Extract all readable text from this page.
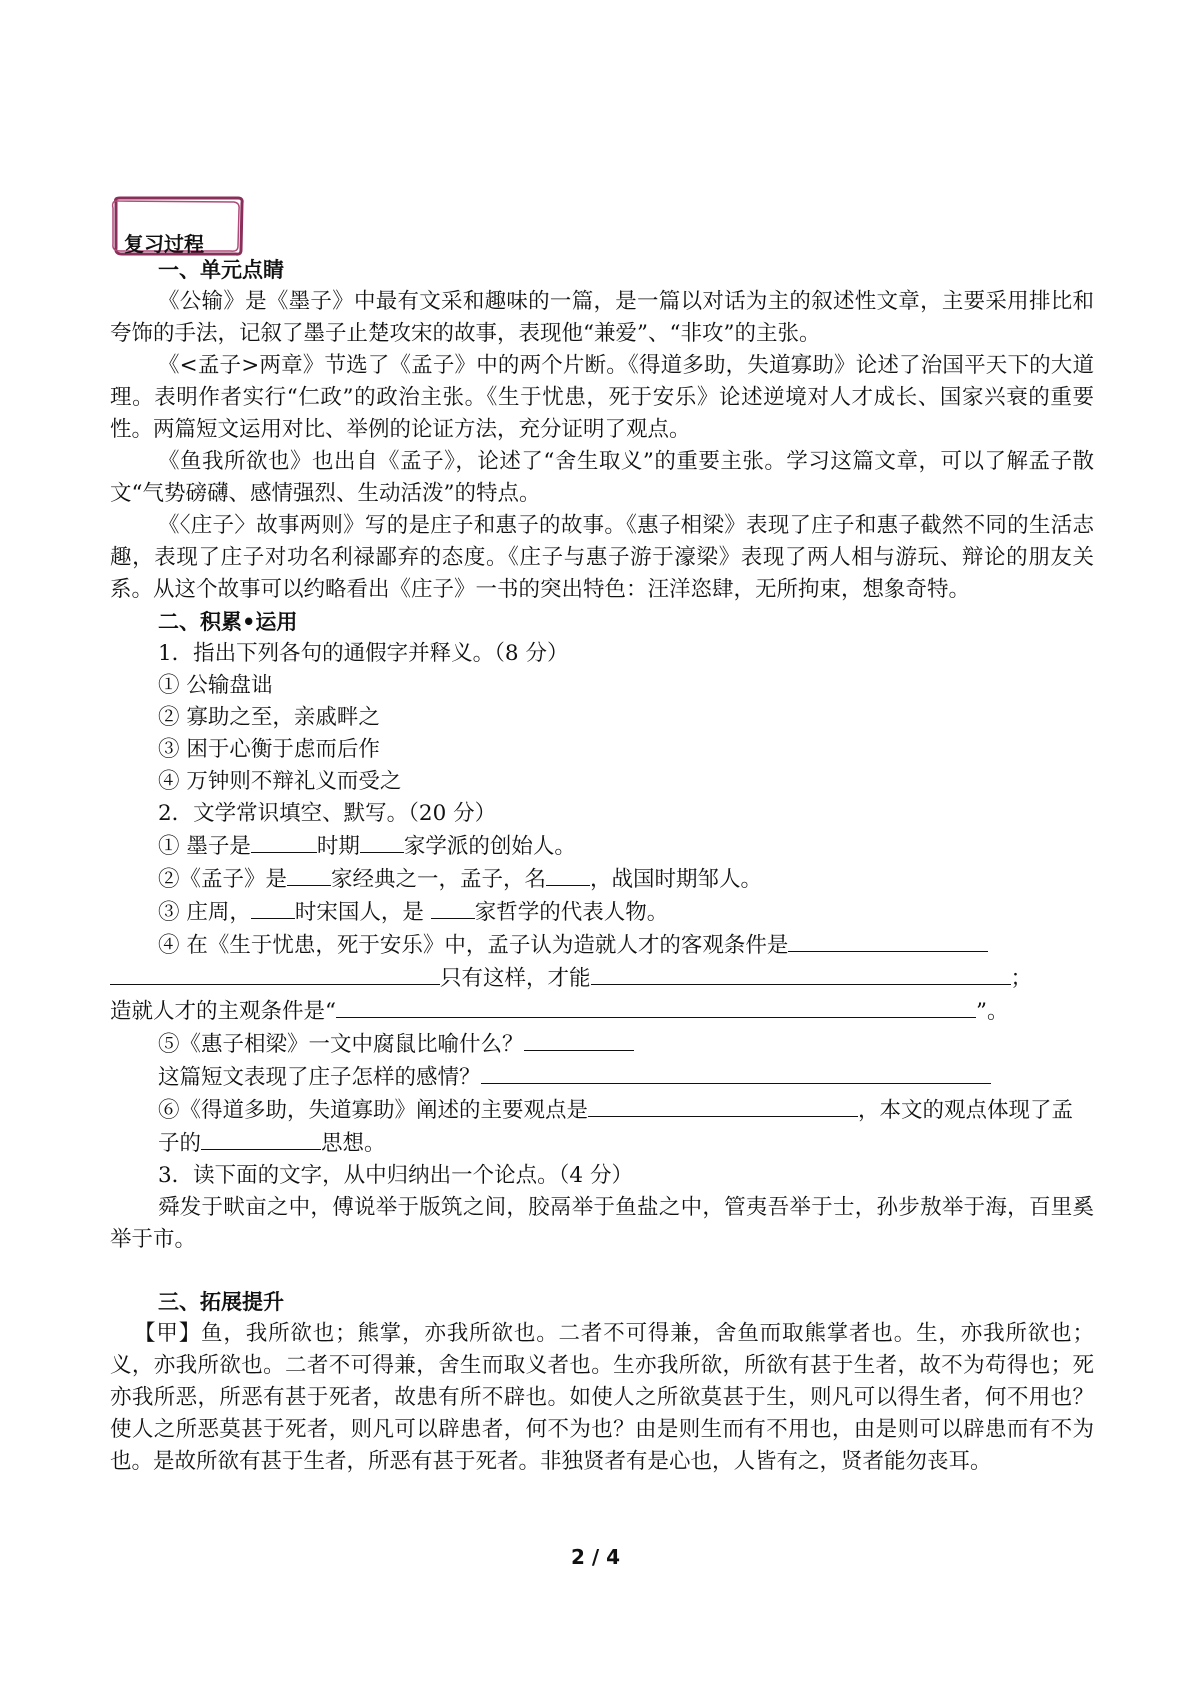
复习过程
一、单元点睛
《公输》是《墨子》中最有文采和趣味的一篇，是一篇以对话为主的叙述性文章，主要采用排比和夸饰的手法，记叙了墨子止楚攻宋的故事，表现他“兼爱”、“非攻”的主张。
《<孟子>两章》节选了《孟子》中的两个片断。《得道多助，失道寡助》论述了治国平天下的大道理。表明作者实行“仁政”的政治主张。《生于忧患，死于安乐》论述逆境对人才成长、国家兴衰的重要性。两篇短文运用对比、举例的论证方法，充分证明了观点。
《鱼我所欲也》也出自《孟子》，论述了“舍生取义”的重要主张。学习这篇文章，可以了解孟子散文“气势磅礴、感情强烈、生动活泼”的特点。
《〈庄子〉故事两则》写的是庄子和惠子的故事。《惠子相梁》表现了庄子和惠子截然不同的生活志趣，表现了庄子对功名利禄鄙弃的态度。《庄子与惠子游于濠梁》表现了两人相与游玩、辩论的朋友关系。从这个故事可以约略看出《庄子》一书的突出特色：汪洋恣肆，无所拘束，想象奇特。
二、积累•运用
1．指出下列各句的通假字并释义。（8 分）
① 公输盘诎
② 寡助之至，亲戚畔之
③ 困于心衡于虑而后作
④ 万钟则不辩礼义而受之
2．文学常识填空、默写。（20 分）
① 墨子是	时期 家学派的创始人。
②《孟子》是 家经典之一，孟子，名 ，战国时期邹人。
③ 庄周， 时宋国人，是 家哲学的代表人物。
④ 在《生于忧患，死于安乐》中，孟子认为造就人才的客观条件是
只有这样，才能	；
造就人才的主观条件是“	”。
⑤《惠子相梁》一文中腐鼠比喻什么？
这篇短文表现了庄子怎样的感情？
⑥《得道多助，失道寡助》阐述的主要观点是	，本文的观点体现了孟子的	思想。
3．读下面的文字，从中归纳出一个论点。（4 分）
舜发于畎亩之中，傅说举于版筑之间，胶鬲举于鱼盐之中，管夷吾举于士，孙步敖举于海，百里奚举于市。
三、拓展提升
【甲】鱼，我所欲也；熊掌，亦我所欲也。二者不可得兼，舍鱼而取熊掌者也。生，亦我所欲也；义，亦我所欲也。二者不可得兼，舍生而取义者也。生亦我所欲，所欲有甚于生者，故不为苟得也；死亦我所恶，所恶有甚于死者，故患有所不辟也。如使人之所欲莫甚于生，则凡可以得生者，何不用也？使人之所恶莫甚于死者，则凡可以辟患者，何不为也？由是则生而有不用也，由是则可以辟患而有不为也。是故所欲有甚于生者，所恶有甚于死者。非独贤者有是心也，人皆有之，贤者能勿丧耳。
2 / 4
